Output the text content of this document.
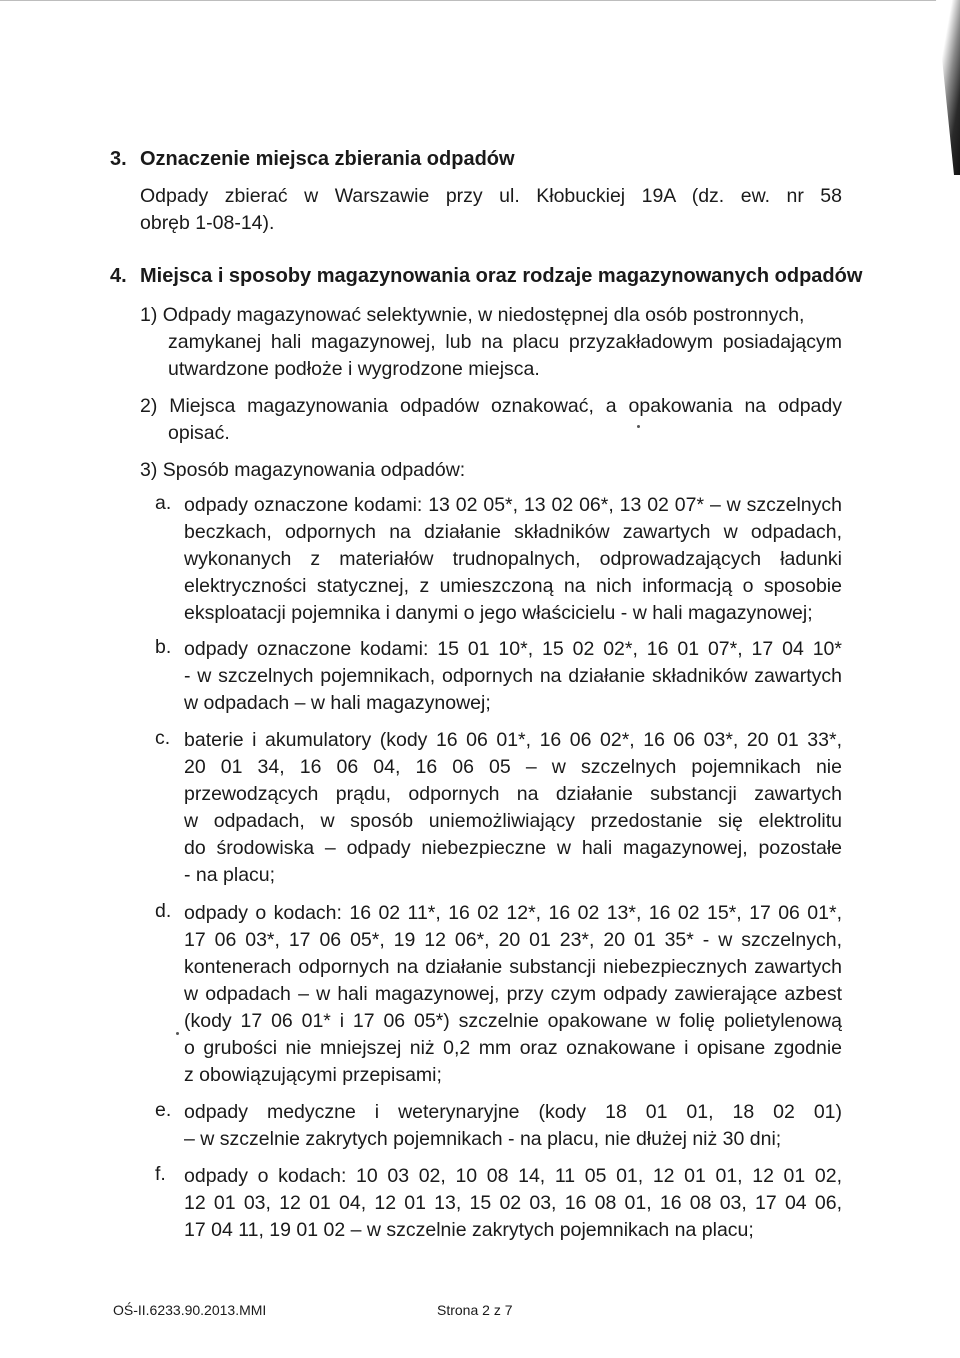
3. Oznaczenie miejsca zbierania odpadów
Odpady zbierać w Warszawie przy ul. Kłobuckiej 19A (dz. ew. nr 58
obręb 1-08-14).
4. Miejsca i sposoby magazynowania oraz rodzaje magazynowanych odpadów
1) Odpady magazynować selektywnie, w niedostępnej dla osób postronnych,
zamykanej hali magazynowej, lub na placu przyzakładowym posiadającym
utwardzone podłoże i wygrodzone miejsca.
2) Miejsca magazynowania odpadów oznakować, a opakowania na odpady
opisać.
3) Sposób magazynowania odpadów:
a. odpady oznaczone kodami: 13 02 05*, 13 02 06*, 13 02 07* – w szczelnych
beczkach, odpornych na działanie składników zawartych w odpadach,
wykonanych z materiałów trudnopalnych, odprowadzających ładunki
elektryczności statycznej, z umieszczoną na nich informacją o sposobie
eksploatacji pojemnika i danymi o jego właścicielu - w hali magazynowej;
b. odpady oznaczone kodami: 15 01 10*, 15 02 02*, 16 01 07*, 17 04 10*
- w szczelnych pojemnikach, odpornych na działanie składników zawartych
w odpadach – w hali magazynowej;
c. baterie i akumulatory (kody 16 06 01*, 16 06 02*, 16 06 03*, 20 01 33*,
20 01 34, 16 06 04, 16 06 05 – w szczelnych pojemnikach nie
przewodzących prądu, odpornych na działanie substancji zawartych
w odpadach, w sposób uniemożliwiający przedostanie się elektrolitu
do środowiska – odpady niebezpieczne w hali magazynowej, pozostałe
- na placu;
d. odpady o kodach: 16 02 11*, 16 02 12*, 16 02 13*, 16 02 15*, 17 06 01*,
17 06 03*, 17 06 05*, 19 12 06*, 20 01 23*, 20 01 35* - w szczelnych,
kontenerach odpornych na działanie substancji niebezpiecznych zawartych
w odpadach – w hali magazynowej, przy czym odpady zawierające azbest
(kody 17 06 01* i 17 06 05*) szczelnie opakowane w folię polietylenową
o grubości nie mniejszej niż 0,2 mm oraz oznakowane i opisane zgodnie
z obowiązującymi przepisami;
e. odpady medyczne i weterynaryjne (kody 18 01 01, 18 02 01)
– w szczelnie zakrytych pojemnikach - na placu, nie dłużej niż 30 dni;
f. odpady o kodach: 10 03 02, 10 08 14, 11 05 01, 12 01 01, 12 01 02,
12 01 03, 12 01 04, 12 01 13, 15 02 03, 16 08 01, 16 08 03, 17 04 06,
17 04 11, 19 01 02 – w szczelnie zakrytych pojemnikach na placu;
OŚ-II.6233.90.2013.MMI	Strona 2 z 7
